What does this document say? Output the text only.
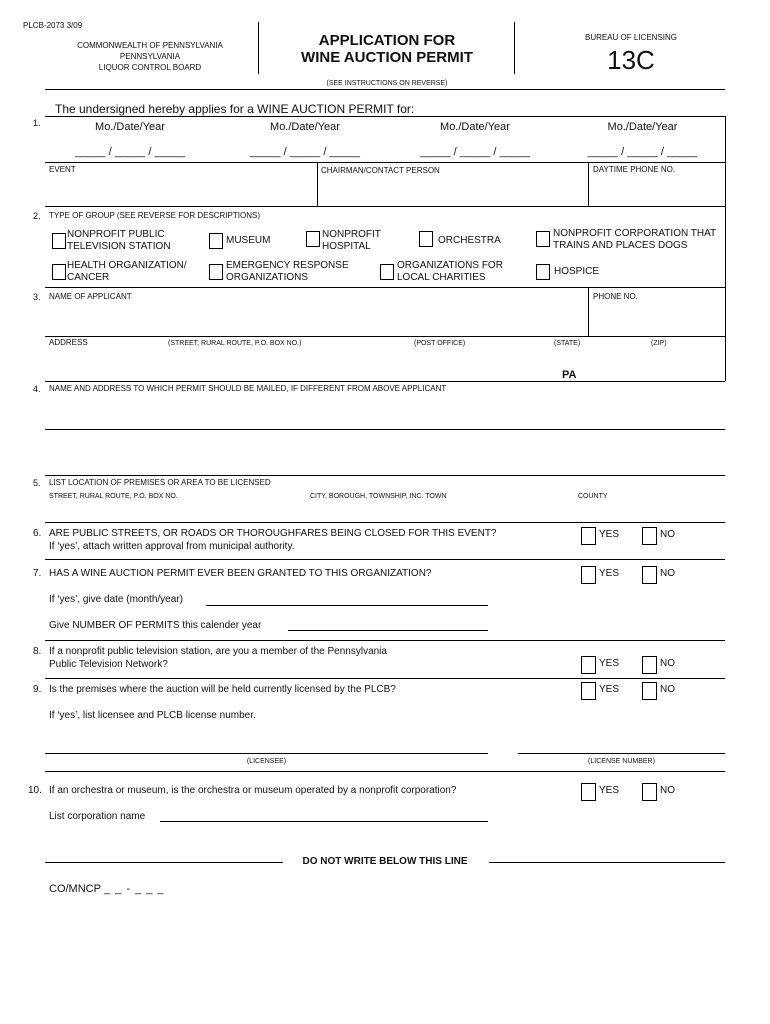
PLCB-2073 3/09
COMMONWEALTH OF PENNSYLVANIA
PENNSYLVANIA
LIQUOR CONTROL BOARD
APPLICATION FOR
WINE AUCTION PERMIT
BUREAU OF LICENSING
13C
(SEE INSTRUCTIONS ON REVERSE)
1.
The undersigned hereby applies for a WINE AUCTION PERMIT for:
Mo./Date/Year	Mo./Date/Year	Mo./Date/Year	Mo./Date/Year
_____ / _____ / _____	_____ / _____ / _____	_____ / _____ / _____	_____ / _____ / _____
EVENT	CHAIRMAN/CONTACT PERSON	DAYTIME PHONE NO.
2. TYPE OF GROUP (SEE REVERSE FOR DESCRIPTIONS)
NONPROFIT PUBLIC
TELEVISION STATION
MUSEUM
NONPROFIT
HOSPITAL
ORCHESTRA
NONPROFIT CORPORATION THAT
TRAINS AND PLACES DOGS
HEALTH ORGANIZATION/
CANCER
EMERGENCY RESPONSE
ORGANIZATIONS
ORGANIZATIONS FOR
LOCAL CHARITIES
HOSPICE
3. NAME OF APPLICANT	PHONE NO.
ADDRESS	(STREET, RURAL ROUTE, P.O. BOX NO.)	(POST OFFICE)	(STATE)	(ZIP)
PA
4. NAME AND ADDRESS TO WHICH PERMIT SHOULD BE MAILED, IF DIFFERENT FROM ABOVE APPLICANT
5. LIST LOCATION OF PREMISES OR AREA TO BE LICENSED
STREET, RURAL ROUTE, P.O. BOX NO.	CITY, BOROUGH, TOWNSHIP, INC. TOWN	COUNTY
6. ARE PUBLIC STREETS, OR ROADS OR THOROUGHFARES BEING CLOSED FOR THIS EVENT?
If ‘yes’, attach written approval from municipal authority.
YES	NO
7. HAS A WINE AUCTION PERMIT EVER BEEN GRANTED TO THIS ORGANIZATION?	YES	NO
If ‘yes’, give date (month/year)
Give NUMBER OF PERMITS this calender year
8. If a nonprofit public television station, are you a member of the Pennsylvania
Public Television Network?	YES	NO
9. Is the premises where the auction will be held currently licensed by the PLCB?	YES	NO
If ‘yes’, list licensee and PLCB license number.
(LICENSEE)	(LICENSE NUMBER)
10. If an orchestra or museum, is the orchestra or museum operated by a nonprofit corporation?	YES	NO
List corporation name
DO NOT WRITE BELOW THIS LINE
CO/MNCP _ _ - _ _ _
